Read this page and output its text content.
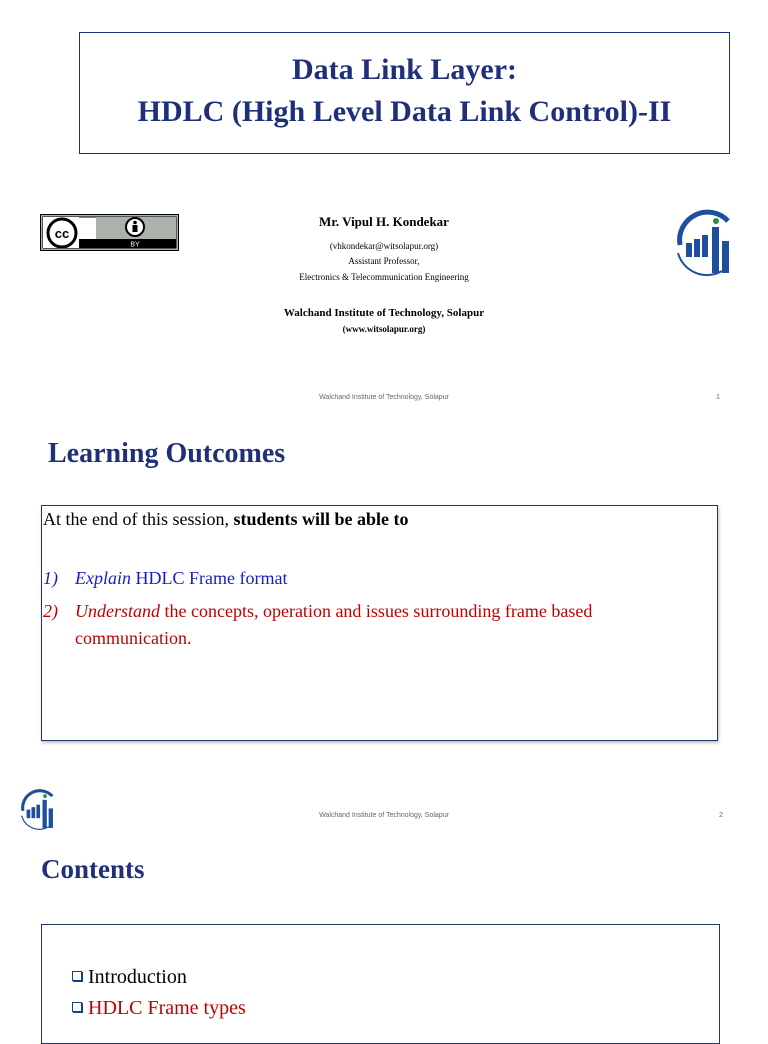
Data Link Layer:
HDLC (High Level Data Link Control)-II
cc
BY
Mr. Vipul H. Kondekar
(vhkondekar@witsolapur.org)
Assistant Professor,
Electronics & Telecommunication Engineering
Walchand Institute of Technology, Solapur
(www.witsolapur.org)
Walchand Institute of Technology, Solapur	1
Learning Outcomes
At the end of this session, students will be able to
1) Explain HDLC Frame format
2) Understand the concepts, operation and issues surrounding frame based
communication.
Walchand Institute of Technology, Solapur	2
Contents
Introduction
HDLC Frame types
